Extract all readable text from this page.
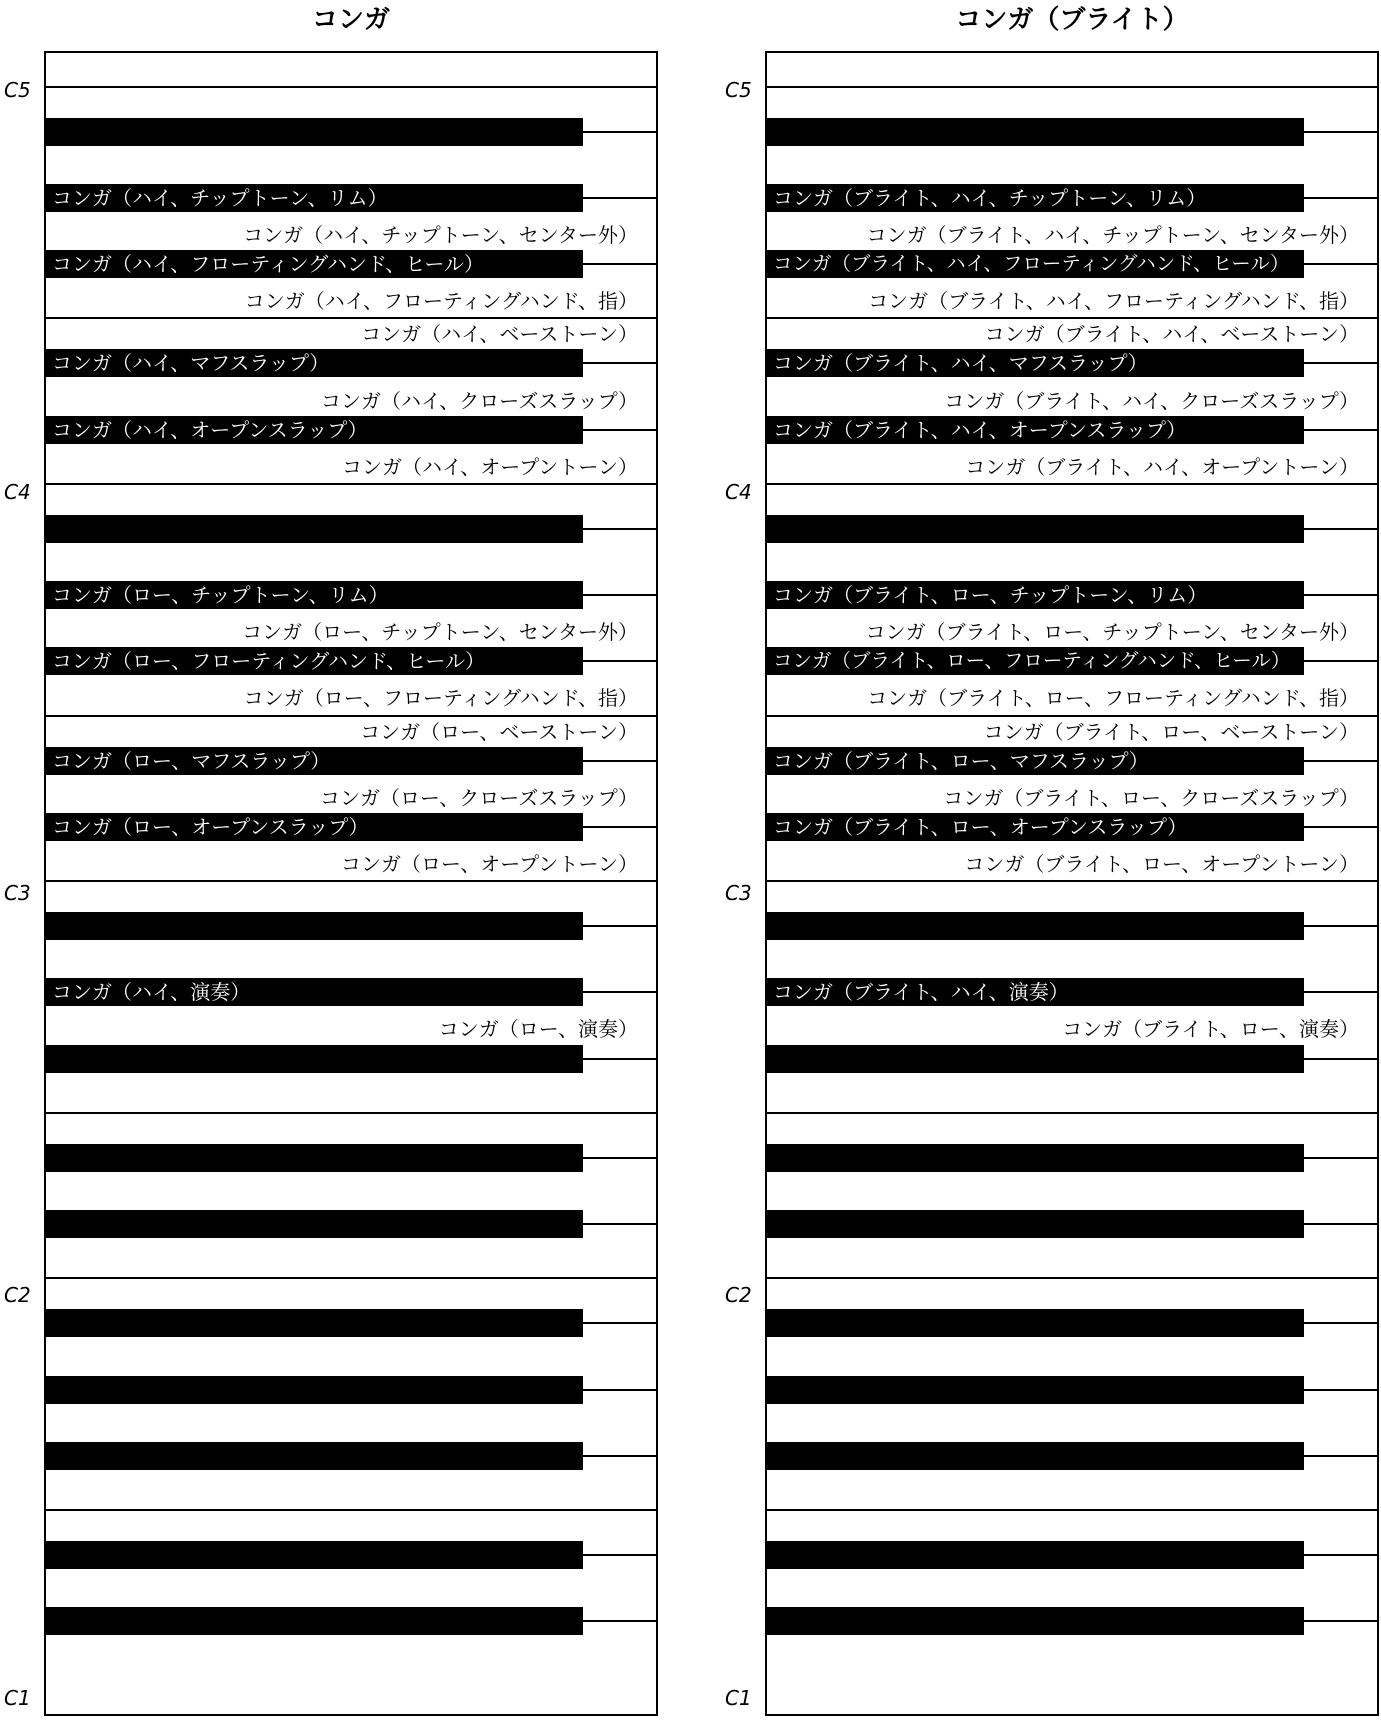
コンガ
C5
C4
C3
C2
C1
コンガ（ハイ、チップトーン、リム）
コンガ（ハイ、フローティングハンド、ヒール）
コンガ（ハイ、マフスラップ）
コンガ（ハイ、オープンスラップ）
コンガ（ロー、チップトーン、リム）
コンガ（ロー、フローティングハンド、ヒール）
コンガ（ロー、マフスラップ）
コンガ（ロー、オープンスラップ）
コンガ（ハイ、演奏）
コンガ（ロー、演奏）
コンガ（ロー、オープントーン）
コンガ（ロー、クローズスラップ）
コンガ（ロー、ベーストーン）
コンガ（ロー、フローティングハンド、指）
コンガ（ロー、チップトーン、センター外）
コンガ（ハイ、オープントーン）
コンガ（ハイ、クローズスラップ）
コンガ（ハイ、ベーストーン）
コンガ（ハイ、フローティングハンド、指）
コンガ（ハイ、チップトーン、センター外）
コンガ（ブライト）
C5
C4
C3
C2
C1
コンガ（ブライト、ハイ、チップトーン、リム）
コンガ（ブライト、ハイ、フローティングハンド、ヒール）
コンガ（ブライト、ハイ、マフスラップ）
コンガ（ブライト、ハイ、オープンスラップ）
コンガ（ブライト、ロー、チップトーン、リム）
コンガ（ブライト、ロー、フローティングハンド、ヒール）
コンガ（ブライト、ロー、マフスラップ）
コンガ（ブライト、ロー、オープンスラップ）
コンガ（ブライト、ハイ、演奏）
コンガ（ブライト、ロー、演奏）
コンガ（ブライト、ロー、オープントーン）
コンガ（ブライト、ロー、クローズスラップ）
コンガ（ブライト、ロー、ベーストーン）
コンガ（ブライト、ロー、フローティングハンド、指）
コンガ（ブライト、ロー、チップトーン、センター外）
コンガ（ブライト、ハイ、オープントーン）
コンガ（ブライト、ハイ、クローズスラップ）
コンガ（ブライト、ハイ、ベーストーン）
コンガ（ブライト、ハイ、フローティングハンド、指）
コンガ（ブライト、ハイ、チップトーン、センター外）
